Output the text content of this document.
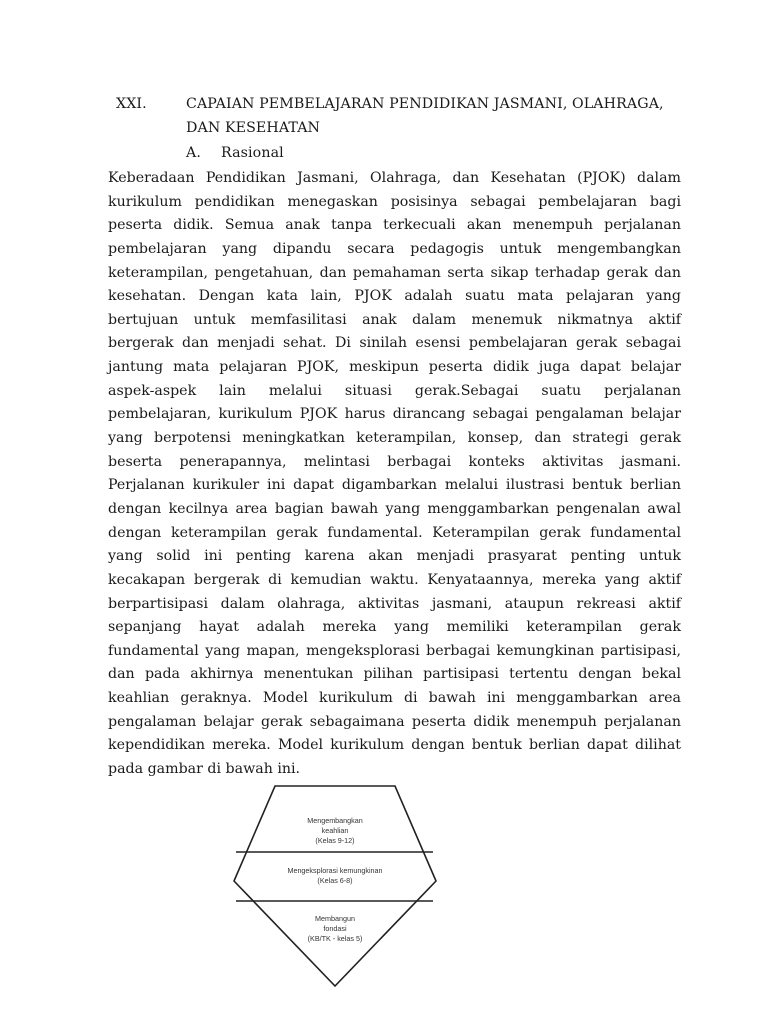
XXI.	CAPAIAN PEMBELAJARAN PENDIDIKAN JASMANI, OLAHRAGA,
DAN KESEHATAN
A. Rasional
Keberadaan Pendidikan Jasmani, Olahraga, dan Kesehatan (PJOK) dalam
kurikulum pendidikan menegaskan posisinya sebagai pembelajaran bagi
peserta didik. Semua anak tanpa terkecuali akan menempuh perjalanan
pembelajaran yang dipandu secara pedagogis untuk mengembangkan
keterampilan, pengetahuan, dan pemahaman serta sikap terhadap gerak dan
kesehatan. Dengan kata lain, PJOK adalah suatu mata pelajaran yang
bertujuan untuk memfasilitasi anak dalam menemuk nikmatnya aktif
bergerak dan menjadi sehat. Di sinilah esensi pembelajaran gerak sebagai
jantung mata pelajaran PJOK, meskipun peserta didik juga dapat belajar
aspek-aspek lain melalui situasi gerak.Sebagai suatu perjalanan
pembelajaran, kurikulum PJOK harus dirancang sebagai pengalaman belajar
yang berpotensi meningkatkan keterampilan, konsep, dan strategi gerak
beserta penerapannya, melintasi berbagai konteks aktivitas jasmani.
Perjalanan kurikuler ini dapat digambarkan melalui ilustrasi bentuk berlian
dengan kecilnya area bagian bawah yang menggambarkan pengenalan awal
dengan keterampilan gerak fundamental. Keterampilan gerak fundamental
yang solid ini penting karena akan menjadi prasyarat penting untuk
kecakapan bergerak di kemudian waktu. Kenyataannya, mereka yang aktif
berpartisipasi dalam olahraga, aktivitas jasmani, ataupun rekreasi aktif
sepanjang hayat adalah mereka yang memiliki keterampilan gerak
fundamental yang mapan, mengeksplorasi berbagai kemungkinan partisipasi,
dan pada akhirnya menentukan pilihan partisipasi tertentu dengan bekal
keahlian geraknya. Model kurikulum di bawah ini menggambarkan area
pengalaman belajar gerak sebagaimana peserta didik menempuh perjalanan
kependidikan mereka. Model kurikulum dengan bentuk berlian dapat dilihat
pada gambar di bawah ini.
Mengembangkan
keahlian
(Kelas 9-12)
Mengeksplorasi kemungkinan
(Kelas 6-8)
Membangun
fondasi
(KB/TK - kelas 5)
